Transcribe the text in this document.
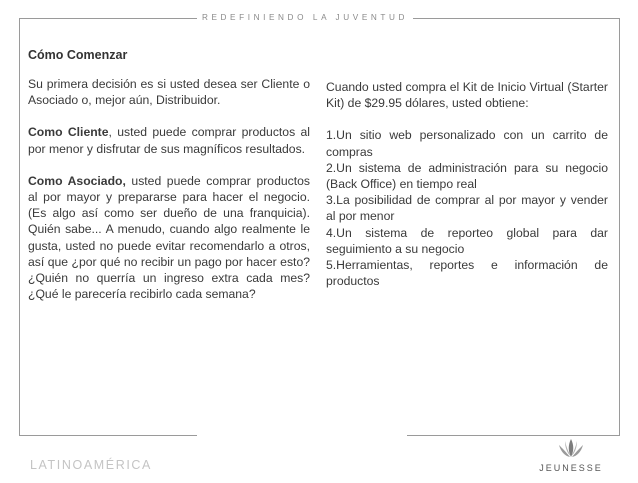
REDEFINIENDO LA JUVENTUD
Cómo Comenzar

Su primera decisión es si usted desea ser Cliente o Asociado o, mejor aún, Distribuidor.

Como Cliente, usted puede comprar productos al por menor y disfrutar de sus magníficos resultados.

Como Asociado, usted puede comprar productos al por mayor y prepararse para hacer el negocio. (Es algo así como ser dueño de una franquicia). Quién sabe... A menudo, cuando algo realmente le gusta, usted no puede evitar recomendarlo a otros, así que ¿por qué no recibir un pago por hacer esto? ¿Quién no querría un ingreso extra cada mes? ¿Qué le parecería recibirlo cada semana?

Cuando usted compra el Kit de Inicio Virtual (Starter Kit) de $29.95 dólares, usted obtiene:

1.Un sitio web personalizado con un carrito de compras

2.Un sistema de administración para su negocio (Back Office) en tiempo real

3.La posibilidad de comprar al por mayor y vender al por menor

4.Un sistema de reporteo global para dar seguimiento a su negocio

5.Herramientas, reportes e información de productos

LATINOAMÉRICA	JEUNESSE
